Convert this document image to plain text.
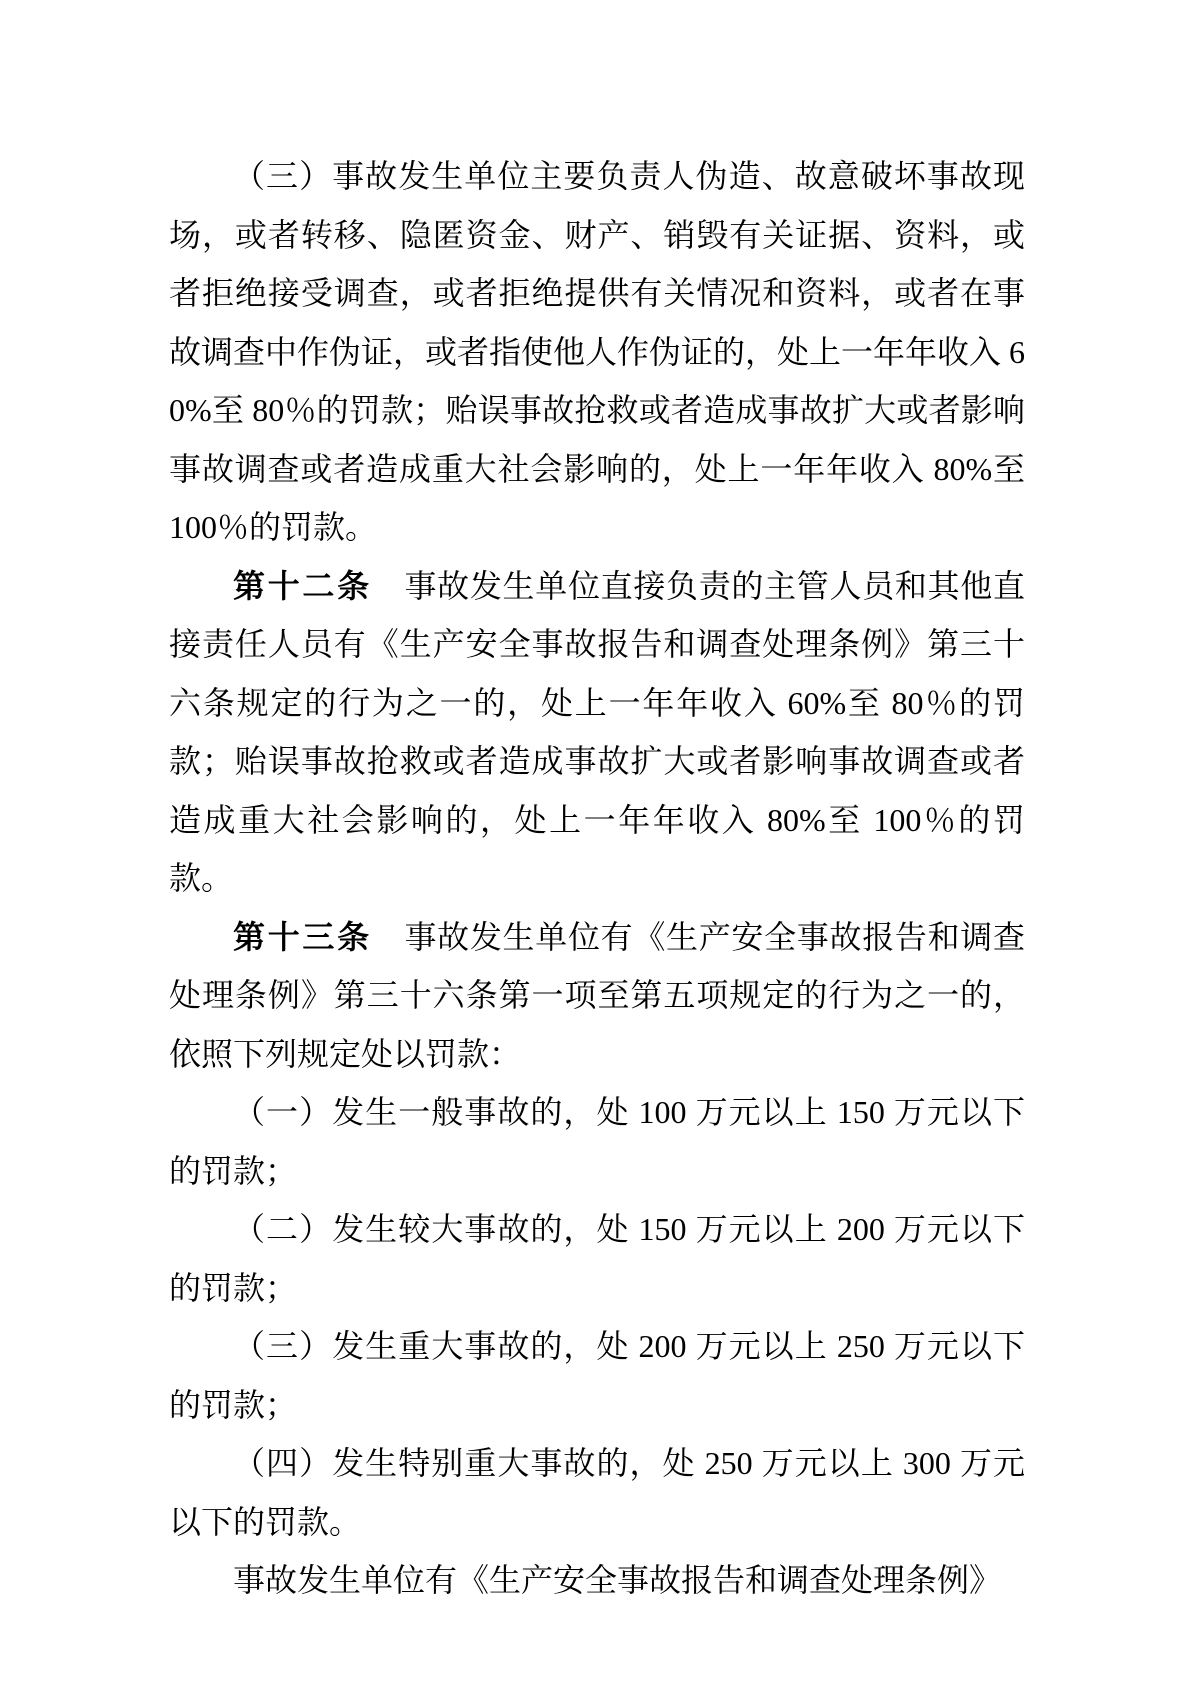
（三）事故发生单位主要负责人伪造、故意破坏事故现场，或者转移、隐匿资金、财产、销毁有关证据、资料，或者拒绝接受调查，或者拒绝提供有关情况和资料，或者在事故调查中作伪证，或者指使他人作伪证的，处上一年年收入 60%至 80％的罚款；贻误事故抢救或者造成事故扩大或者影响事故调查或者造成重大社会影响的，处上一年年收入 80%至 100％的罚款。

第十二条　事故发生单位直接负责的主管人员和其他直接责任人员有《生产安全事故报告和调查处理条例》第三十六条规定的行为之一的，处上一年年收入 60%至 80％的罚款；贻误事故抢救或者造成事故扩大或者影响事故调查或者造成重大社会影响的，处上一年年收入 80%至 100％的罚款。

第十三条　事故发生单位有《生产安全事故报告和调查处理条例》第三十六条第一项至第五项规定的行为之一的，依照下列规定处以罚款：

（一）发生一般事故的，处 100 万元以上 150 万元以下的罚款；

（二）发生较大事故的，处 150 万元以上 200 万元以下的罚款；

（三）发生重大事故的，处 200 万元以上 250 万元以下的罚款；

（四）发生特别重大事故的，处 250 万元以上 300 万元以下的罚款。

事故发生单位有《生产安全事故报告和调查处理条例》
